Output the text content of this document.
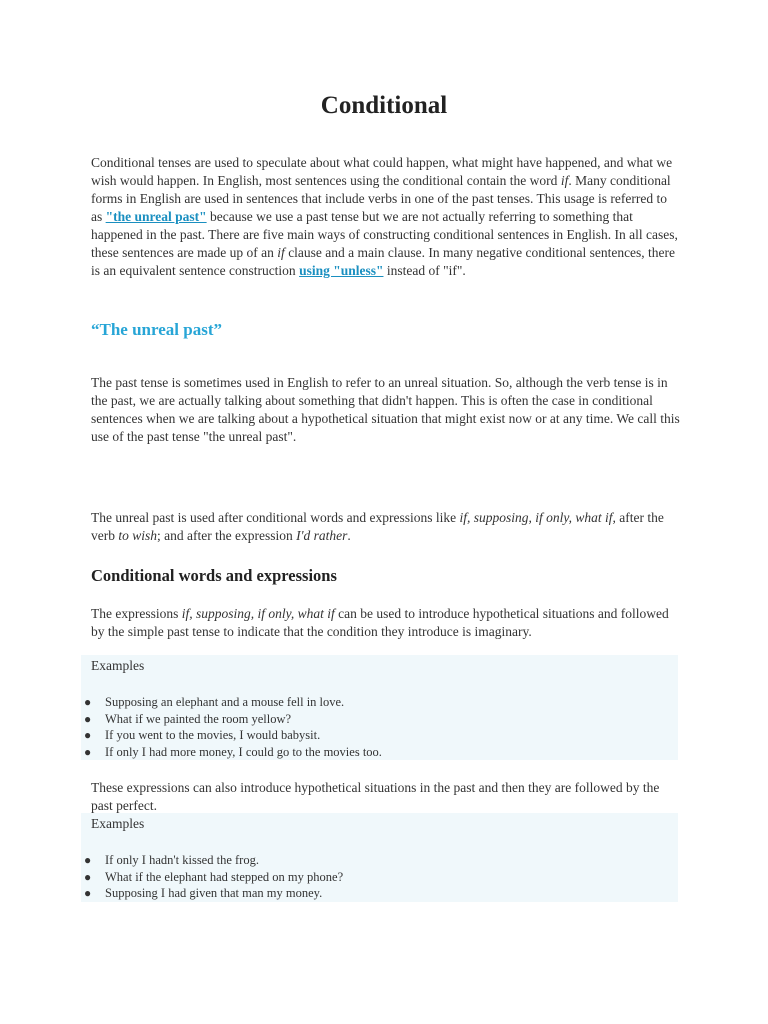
Conditional

Conditional tenses are used to speculate about what could happen, what might have happened, and what we wish would happen. In English, most sentences using the conditional contain the word if. Many conditional forms in English are used in sentences that include verbs in one of the past tenses. This usage is referred to as "the unreal past" because we use a past tense but we are not actually referring to something that happened in the past. There are five main ways of constructing conditional sentences in English. In all cases, these sentences are made up of an if clause and a main clause. In many negative conditional sentences, there is an equivalent sentence construction using "unless" instead of "if".

“The unreal past”

The past tense is sometimes used in English to refer to an unreal situation. So, although the verb tense is in the past, we are actually talking about something that didn't happen. This is often the case in conditional sentences when we are talking about a hypothetical situation that might exist now or at any time. We call this use of the past tense "the unreal past".

The unreal past is used after conditional words and expressions like if, supposing, if only, what if, after the verb to wish; and after the expression I'd rather.

Conditional words and expressions

The expressions if, supposing, if only, what if can be used to introduce hypothetical situations and followed by the simple past tense to indicate that the condition they introduce is imaginary.

Examples

● Supposing an elephant and a mouse fell in love.
● What if we painted the room yellow?
● If you went to the movies, I would babysit.
● If only I had more money, I could go to the movies too.

These expressions can also introduce hypothetical situations in the past and then they are followed by the past perfect.

Examples

● If only I hadn't kissed the frog.
● What if the elephant had stepped on my phone?
● Supposing I had given that man my money.
